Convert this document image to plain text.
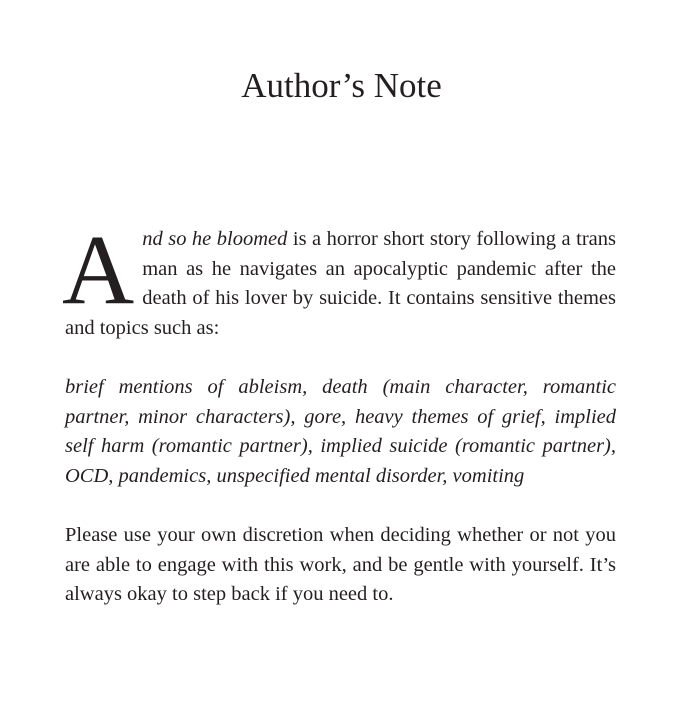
Author’s Note

And so he bloomed is a horror short story following a trans man as he navigates an apocalyptic pandemic after the death of his lover by suicide. It contains sensitive themes and topics such as:

brief mentions of ableism, death (main character, romantic partner, minor characters), gore, heavy themes of grief, implied self harm (romantic partner), implied suicide (romantic partner), OCD, pandemics, unspecified mental disorder, vomiting

Please use your own discretion when deciding whether or not you are able to engage with this work, and be gentle with yourself. It’s always okay to step back if you need to.
